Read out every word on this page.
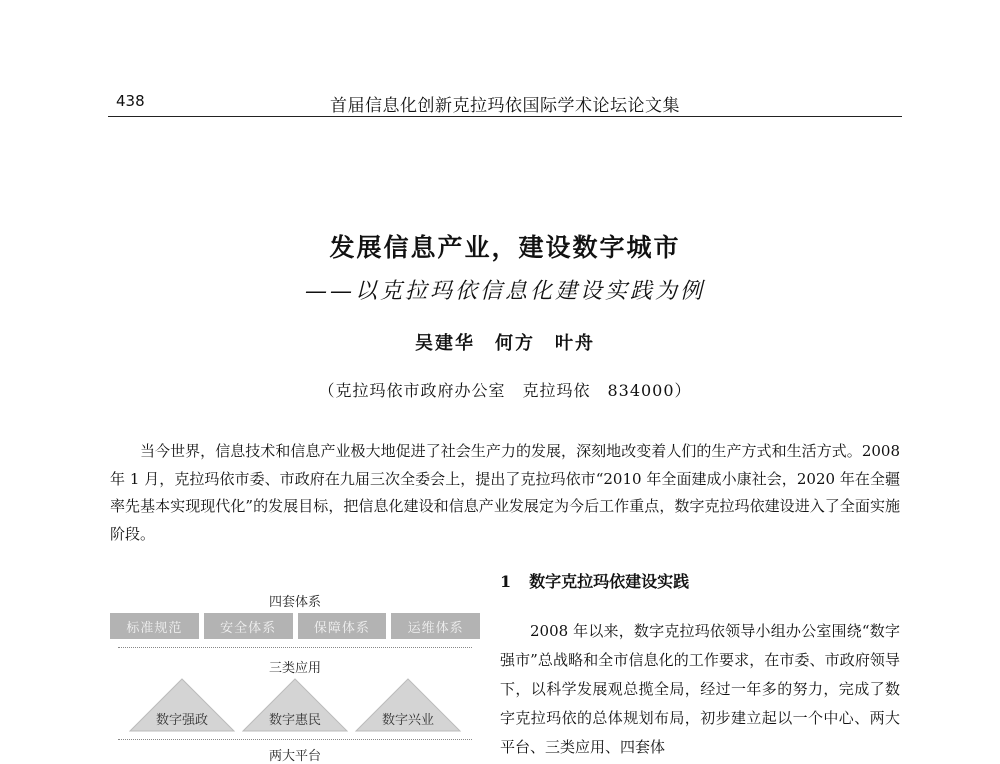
438	首届信息化创新克拉玛依国际学术论坛论文集
发展信息产业，建设数字城市
——以克拉玛依信息化建设实践为例
吴建华　何方　叶舟
（克拉玛依市政府办公室　克拉玛依　834000）
当今世界，信息技术和信息产业极大地促进了社会生产力的发展，深刻地改变着人们的生产方式和生活方式。2008 年 1 月，克拉玛依市委、市政府在九届三次全委会上，提出了克拉玛依市“2010 年全面建成小康社会，2020 年在全疆率先基本实现现代化”的发展目标，把信息化建设和信息产业发展定为今后工作重点，数字克拉玛依建设进入了全面实施阶段。
四套体系
标准规范	安全体系	保障体系	运维体系
三类应用
数字强政	数字惠民	数字兴业
两大平台
1 数字克拉玛依建设实践
2008 年以来，数字克拉玛依领导小组办公室围绕“数字强市”总战略和全市信息化的工作要求，在市委、市政府领导下，以科学发展观总揽全局，经过一年多的努力，完成了数字克拉玛依的总体规划布局，初步建立起以一个中心、两大平台、三类应用、四套体
